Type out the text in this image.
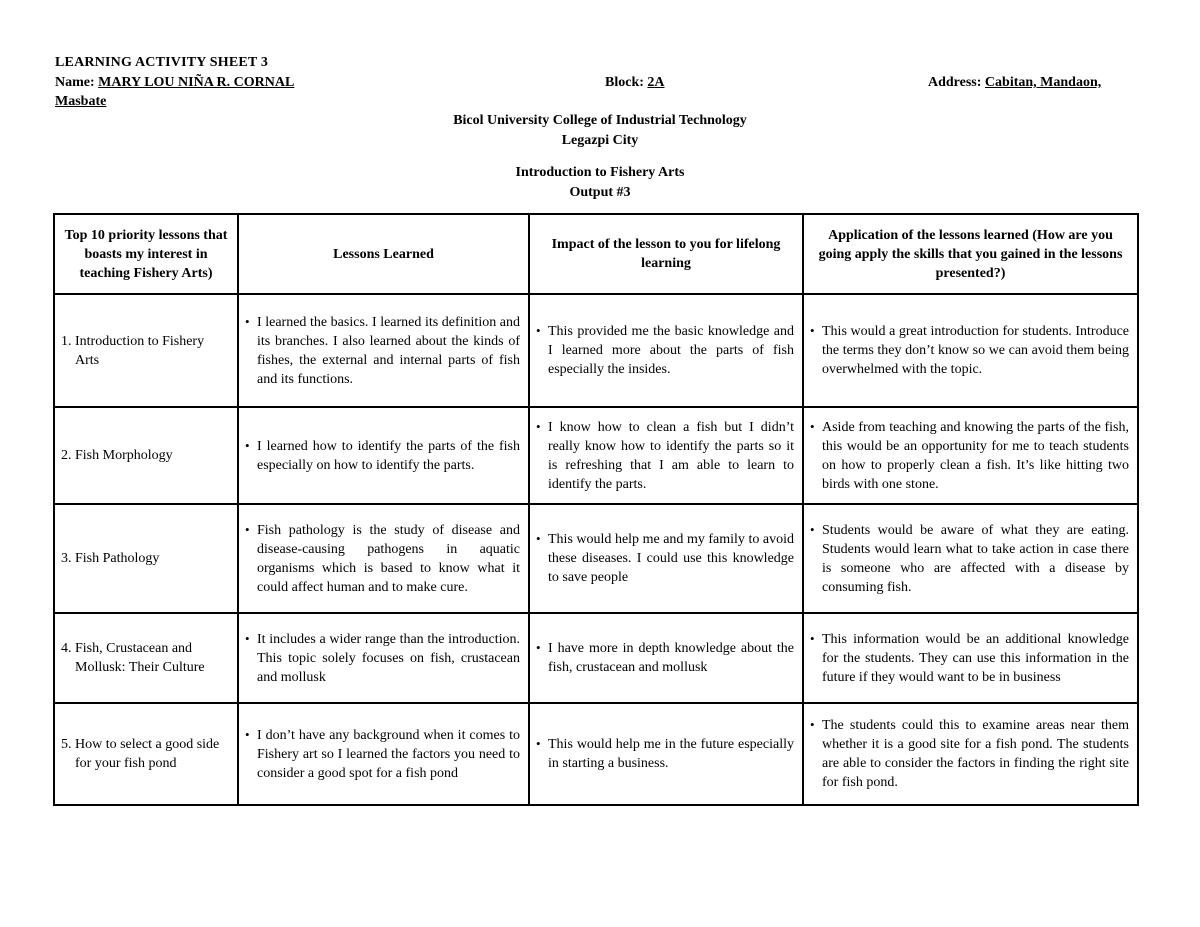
LEARNING ACTIVITY SHEET 3
Name: MARY LOU NIÑA R. CORNAL	Block: 2A	Address: Cabitan, Mandaon,
Masbate
Bicol University College of Industrial Technology
Legazpi City
Introduction to Fishery Arts
Output #3
Top 10 priority lessons that boasts my interest in teaching Fishery Arts)	Lessons Learned	Impact of the lesson to you for lifelong learning	Application of the lessons learned (How are you going apply the skills that you gained in the lessons presented?)

1. Introduction to Fishery Arts	• I learned the basics. I learned its definition and its branches. I also learned about the kinds of fishes, the external and internal parts of fish and its functions.	• This provided me the basic knowledge and I learned more about the parts of fish especially the insides.	• This would a great introduction for students. Introduce the terms they don’t know so we can avoid them being overwhelmed with the topic.

2. Fish Morphology	• I learned how to identify the parts of the fish especially on how to identify the parts.	• I know how to clean a fish but I didn’t really know how to identify the parts so it is refreshing that I am able to learn to identify the parts.	• Aside from teaching and knowing the parts of the fish, this would be an opportunity for me to teach students on how to properly clean a fish. It’s like hitting two birds with one stone.

3. Fish Pathology	• Fish pathology is the study of disease and disease-causing pathogens in aquatic organisms which is based to know what it could affect human and to make cure.	• This would help me and my family to avoid these diseases. I could use this knowledge to save people	• Students would be aware of what they are eating. Students would learn what to take action in case there is someone who are affected with a disease by consuming fish.

4. Fish, Crustacean and Mollusk: Their Culture	• It includes a wider range than the introduction. This topic solely focuses on fish, crustacean and mollusk	• I have more in depth knowledge about the fish, crustacean and mollusk	• This information would be an additional knowledge for the students. They can use this information in the future if they would want to be in business

5. How to select a good side for your fish pond	• I don’t have any background when it comes to Fishery art so I learned the factors you need to consider a good spot for a fish pond	• This would help me in the future especially in starting a business.	• The students could this to examine areas near them whether it is a good site for a fish pond. The students are able to consider the factors in finding the right site for fish pond.
